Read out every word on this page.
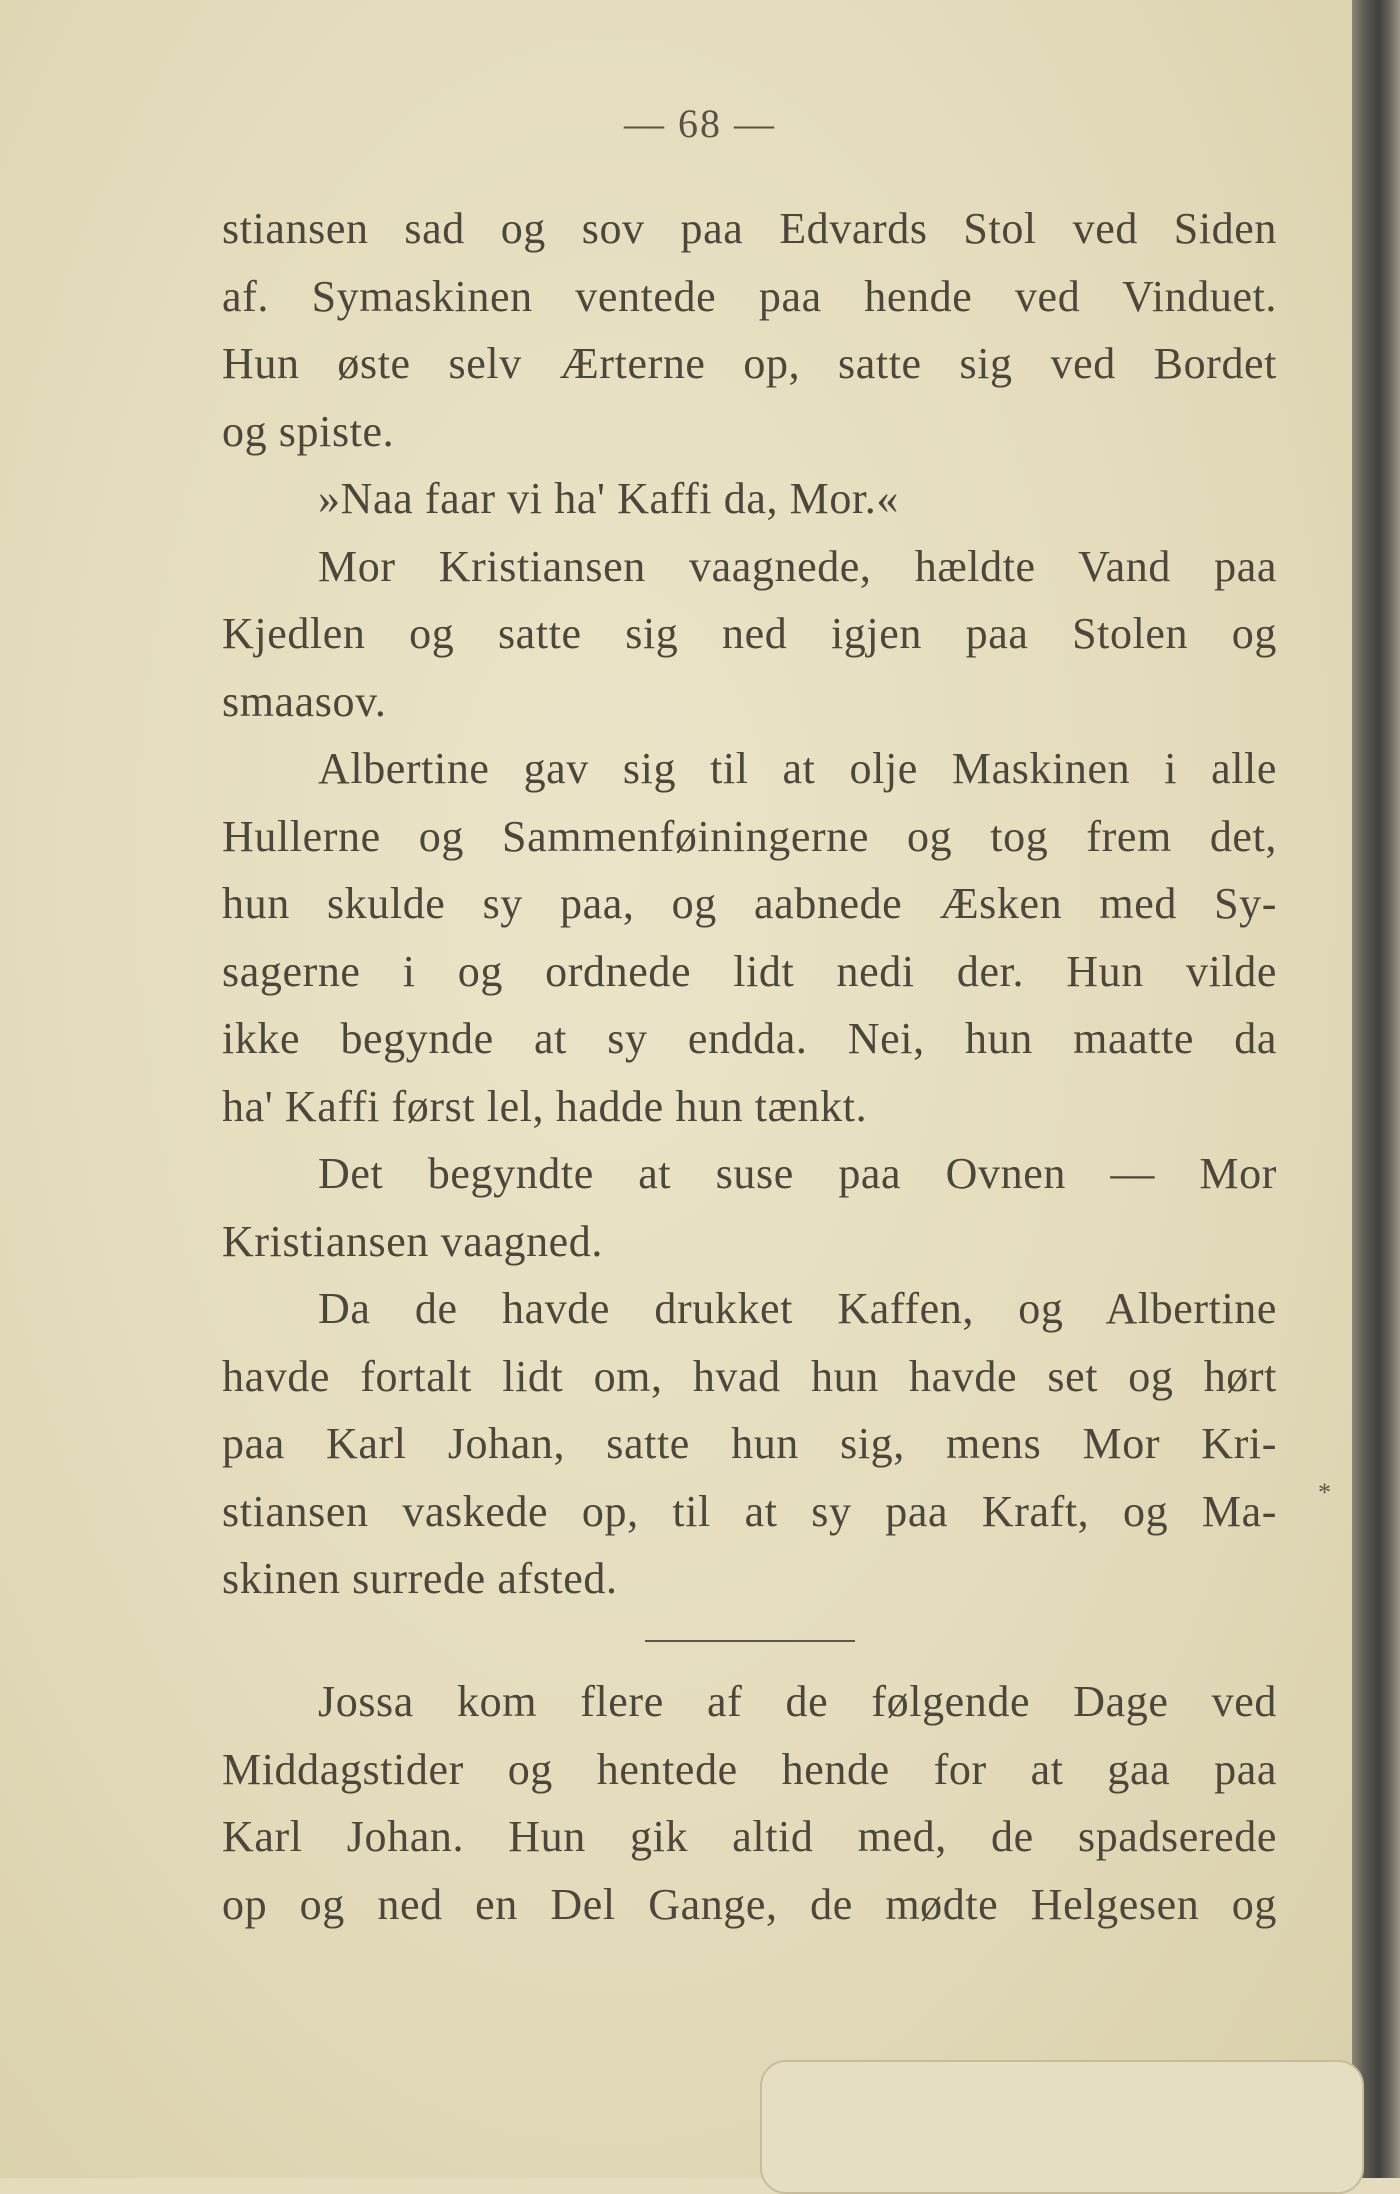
— 68 —
stiansen sad og sov paa Edvards Stol ved Siden
af. Symaskinen ventede paa hende ved Vinduet.
Hun øste selv Ærterne op, satte sig ved Bordet
og spiste.
»Naa faar vi ha' Kaffi da, Mor.«
Mor Kristiansen vaagnede, hældte Vand paa
Kjedlen og satte sig ned igjen paa Stolen og
smaasov.
Albertine gav sig til at olje Maskinen i alle
Hullerne og Sammenføiningerne og tog frem det,
hun skulde sy paa, og aabnede Æsken med Sy-
sagerne i og ordnede lidt nedi der. Hun vilde
ikke begynde at sy endda. Nei, hun maatte da
ha' Kaffi først lel, hadde hun tænkt.
Det begyndte at suse paa Ovnen — Mor
Kristiansen vaagned.
Da de havde drukket Kaffen, og Albertine
havde fortalt lidt om, hvad hun havde set og hørt
paa Karl Johan, satte hun sig, mens Mor Kri-
stiansen vaskede op, til at sy paa Kraft, og Ma-
skinen surrede afsted.
Jossa kom flere af de følgende Dage ved
Middagstider og hentede hende for at gaa paa
Karl Johan. Hun gik altid med, de spadserede
op og ned en Del Gange, de mødte Helgesen og
*
